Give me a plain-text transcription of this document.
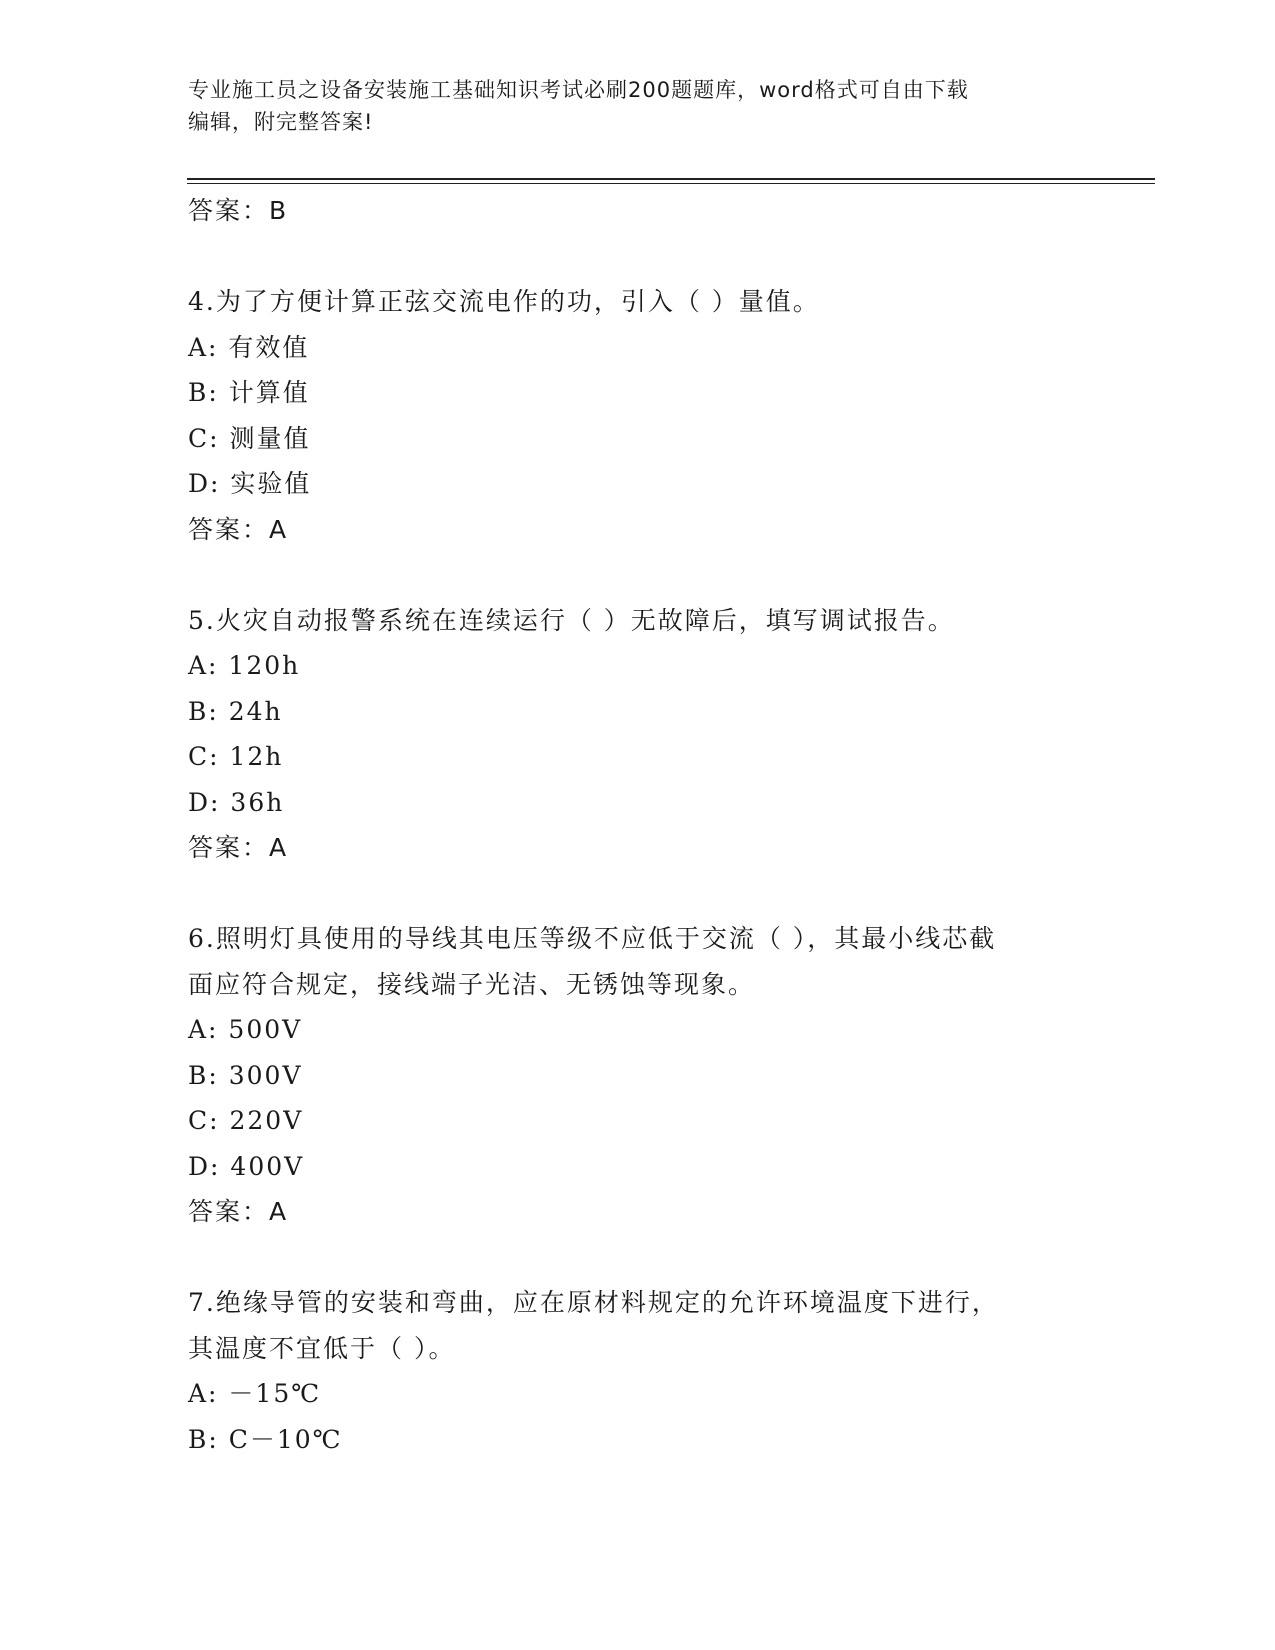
专业施工员之设备安装施工基础知识考试必刷200题题库，word格式可自由下载
编辑，附完整答案!
答案：B
4.为了方便计算正弦交流电作的功，引入（ ）量值。
A: 有效值
B: 计算值
C: 测量值
D: 实验值
答案：A
5.火灾自动报警系统在连续运行（ ）无故障后，填写调试报告。
A: 120h
B: 24h
C: 12h
D: 36h
答案：A
6.照明灯具使用的导线其电压等级不应低于交流（ ），其最小线芯截
面应符合规定，接线端子光洁、无锈蚀等现象。
A: 500V
B: 300V
C: 220V
D: 400V
答案：A
7.绝缘导管的安装和弯曲，应在原材料规定的允许环境温度下进行，
其温度不宜低于（ ）。
A: －15℃
B: C－10℃
